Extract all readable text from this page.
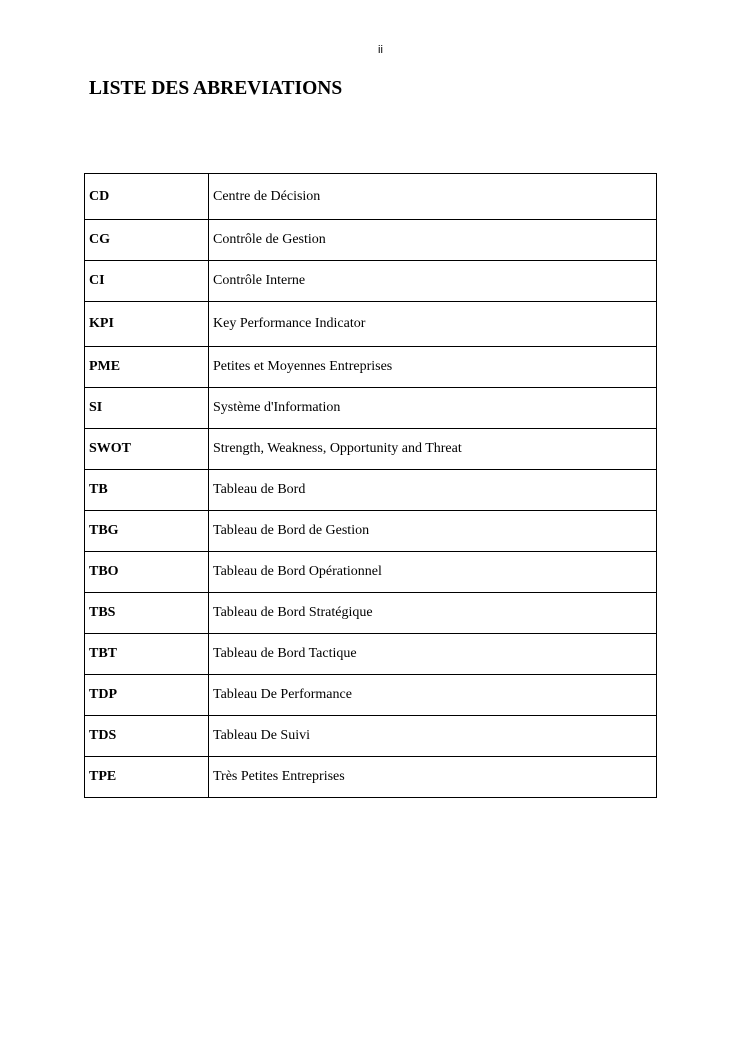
ii
LISTE DES ABREVIATIONS
CD	Centre de Décision
CG	Contrôle de Gestion
CI	Contrôle Interne
KPI	Key Performance Indicator
PME	Petites et Moyennes Entreprises
SI	Système d'Information
SWOT	Strength, Weakness, Opportunity and Threat
TB	Tableau de Bord
TBG	Tableau de Bord de Gestion
TBO	Tableau de Bord Opérationnel
TBS	Tableau de Bord Stratégique
TBT	Tableau de Bord Tactique
TDP	Tableau De Performance
TDS	Tableau De Suivi
TPE	Très Petites Entreprises
